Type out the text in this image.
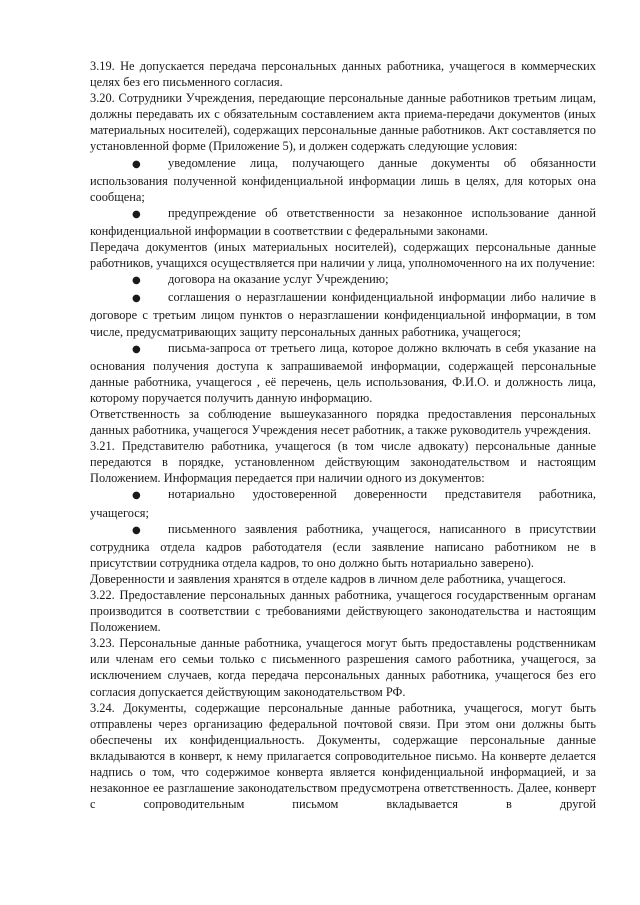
3.19. Не допускается передача персональных данных работника, учащегося в коммерческих целях без его письменного согласия.
3.20. Сотрудники Учреждения, передающие персональные данные работников третьим лицам, должны передавать их с обязательным составлением акта приема-передачи документов (иных материальных носителей), содержащих персональные данные работников. Акт составляется по установленной форме (Приложение 5), и должен содержать следующие условия:
● уведомление лица, получающего данные документы об обязанности использования полученной конфиденциальной информации лишь в целях, для которых она сообщена;
● предупреждение об ответственности за незаконное использование данной конфиденциальной информации в соответствии с федеральными законами.
Передача документов (иных материальных носителей), содержащих персональные данные работников, учащихся осуществляется при наличии у лица, уполномоченного на их получение:
● договора на оказание услуг Учреждению;
● соглашения о неразглашении конфиденциальной информации либо наличие в договоре с третьим лицом пунктов о неразглашении конфиденциальной информации, в том числе, предусматривающих защиту персональных данных работника, учащегося;
● письма-запроса от третьего лица, которое должно включать в себя указание на основания получения доступа к запрашиваемой информации, содержащей персональные данные работника, учащегося , её перечень, цель использования, Ф.И.О. и должность лица, которому поручается получить данную информацию.
Ответственность за соблюдение вышеуказанного порядка предоставления персональных данных работника, учащегося Учреждения несет работник, а также руководитель учреждения.
3.21. Представителю работника, учащегося (в том числе адвокату) персональные данные передаются в порядке, установленном действующим законодательством и настоящим Положением. Информация передается при наличии одного из документов:
● нотариально удостоверенной доверенности представителя работника, учащегося;
● письменного заявления работника, учащегося, написанного в присутствии сотрудника отдела кадров работодателя (если заявление написано работником не в присутствии сотрудника отдела кадров, то оно должно быть нотариально заверено).
Доверенности и заявления хранятся в отделе кадров в личном деле работника, учащегося.
3.22. Предоставление персональных данных работника, учащегося государственным органам производится в соответствии с требованиями действующего законодательства и настоящим Положением.
3.23. Персональные данные работника, учащегося могут быть предоставлены родственникам или членам его семьи только с письменного разрешения самого работника, учащегося, за исключением случаев, когда передача персональных данных работника, учащегося без его согласия допускается действующим законодательством РФ.
3.24. Документы, содержащие персональные данные работника, учащегося, могут быть отправлены через организацию федеральной почтовой связи. При этом они должны быть обеспечены их конфиденциальность. Документы, содержащие персональные данные вкладываются в конверт, к нему прилагается сопроводительное письмо. На конверте делается надпись о том, что содержимое конверта является конфиденциальной информацией, и за незаконное ее разглашение законодательством предусмотрена ответственность. Далее, конверт с сопроводительным письмом вкладывается в другой
